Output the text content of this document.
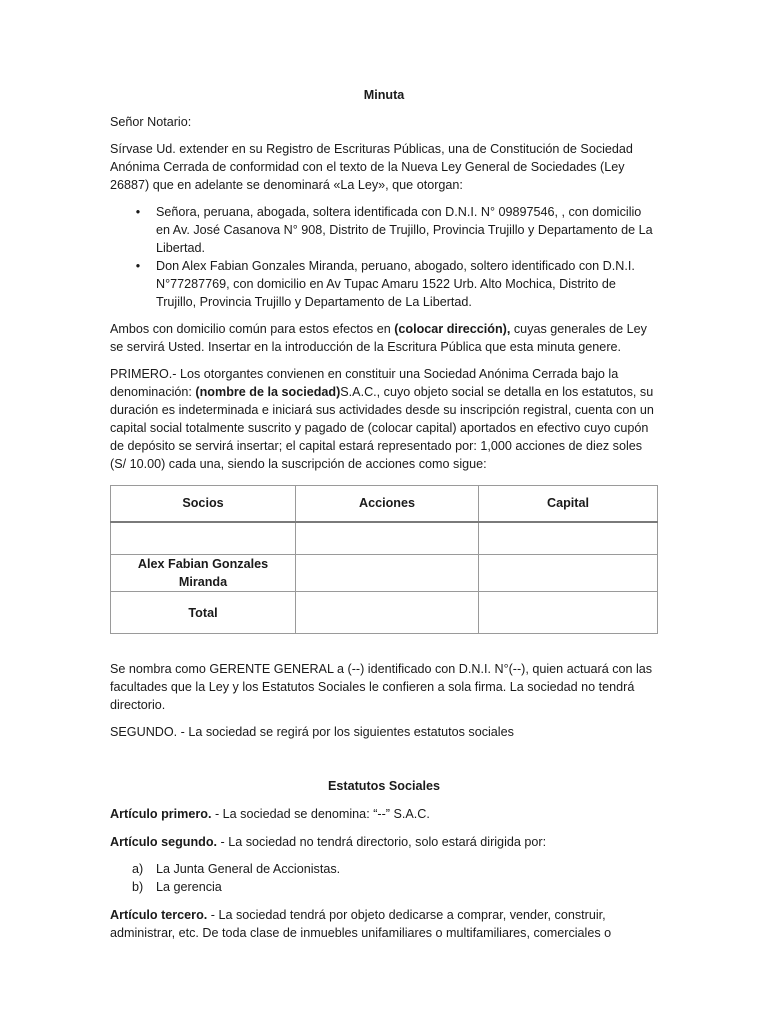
Minuta

Señor Notario:

Sírvase Ud. extender en su Registro de Escrituras Públicas, una de Constitución de Sociedad Anónima Cerrada de conformidad con el texto de la Nueva Ley General de Sociedades (Ley 26887) que en adelante se denominará «La Ley», que otorgan:

•	Señora, peruana, abogada, soltera identificada con D.N.I. N° 09897546, , con domicilio en Av. José Casanova N° 908, Distrito de Trujillo, Provincia Trujillo y Departamento de La Libertad.
•	Don Alex Fabian Gonzales Miranda, peruano, abogado, soltero identificado con D.N.I. N°77287769, con domicilio en Av Tupac Amaru 1522 Urb. Alto Mochica, Distrito de Trujillo, Provincia Trujillo y Departamento de La Libertad.

Ambos con domicilio común para estos efectos en (colocar dirección), cuyas generales de Ley se servirá Usted. Insertar en la introducción de la Escritura Pública que esta minuta genere.

PRIMERO.- Los otorgantes convienen en constituir una Sociedad Anónima Cerrada bajo la denominación: (nombre de la sociedad)S.A.C., cuyo objeto social se detalla en los estatutos, su duración es indeterminada e iniciará sus actividades desde su inscripción registral, cuenta con un capital social totalmente suscrito y pagado de (colocar capital) aportados en efectivo cuyo cupón de depósito se servirá insertar; el capital estará representado por: 1,000 acciones de diez soles (S/ 10.00) cada una, siendo la suscripción de acciones como sigue:

Socios	Acciones	Capital

Alex Fabian Gonzales Miranda		
Total		

Se nombra como GERENTE GENERAL a (--) identificado con D.N.I. N°(--), quien actuará con las facultades que la Ley y los Estatutos Sociales le confieren a sola firma. La sociedad no tendrá directorio.

SEGUNDO. - La sociedad se regirá por los siguientes estatutos sociales

Estatutos Sociales

Artículo primero. - La sociedad se denomina: “--” S.A.C.

Artículo segundo. - La sociedad no tendrá directorio, solo estará dirigida por:

a) La Junta General de Accionistas.
b) La gerencia

Artículo tercero. - La sociedad tendrá por objeto dedicarse a comprar, vender, construir, administrar, etc. De toda clase de inmuebles unifamiliares o multifamiliares, comerciales o
